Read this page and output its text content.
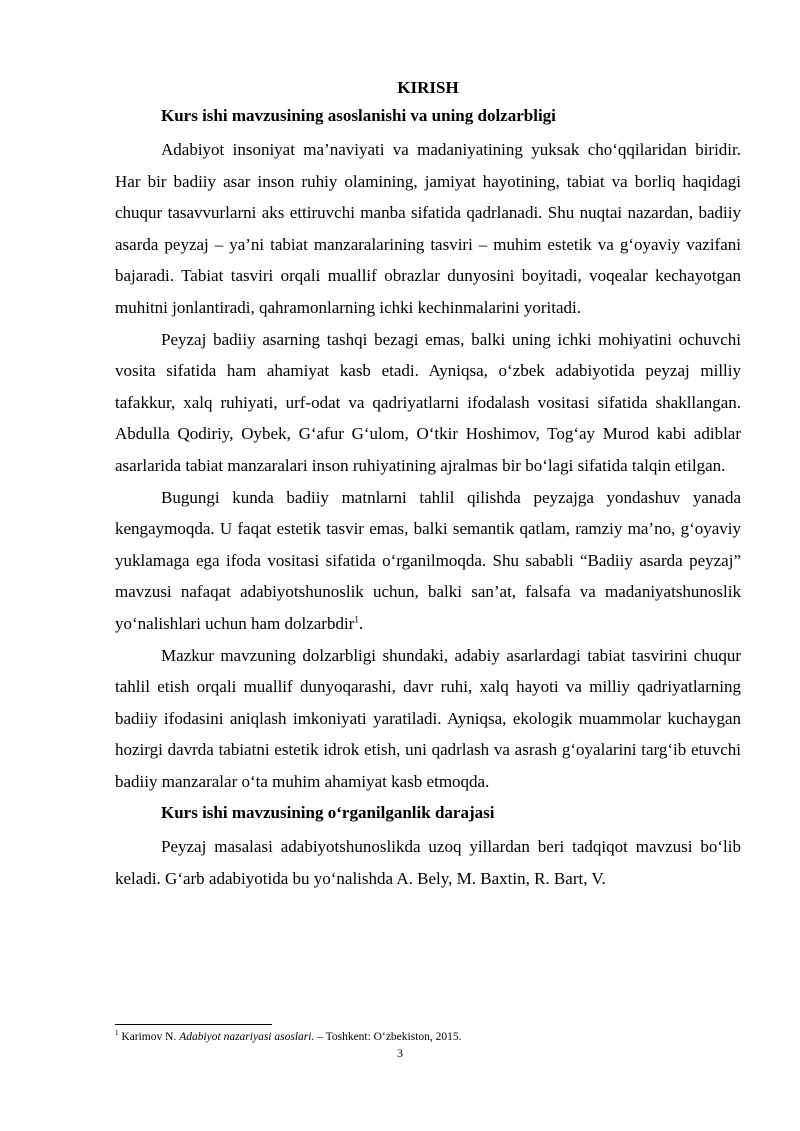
KIRISH
Kurs ishi mavzusining asoslanishi va uning dolzarbligi

Adabiyot insoniyat ma’naviyati va madaniyatining yuksak cho‘qqilaridan biridir. Har bir badiiy asar inson ruhiy olamining, jamiyat hayotining, tabiat va borliq haqidagi chuqur tasavvurlarni aks ettiruvchi manba sifatida qadrlanadi. Shu nuqtai nazardan, badiiy asarda peyzaj – ya’ni tabiat manzaralarining tasviri – muhim estetik va g‘oyaviy vazifani bajaradi. Tabiat tasviri orqali muallif obrazlar dunyosini boyitadi, voqealar kechayotgan muhitni jonlantiradi, qahramonlarning ichki kechinmalarini yoritadi.

Peyzaj badiiy asarning tashqi bezagi emas, balki uning ichki mohiyatini ochuvchi vosita sifatida ham ahamiyat kasb etadi. Ayniqsa, o‘zbek adabiyotida peyzaj milliy tafakkur, xalq ruhiyati, urf-odat va qadriyatlarni ifodalash vositasi sifatida shakllangan. Abdulla Qodiriy, Oybek, G‘afur G‘ulom, O‘tkir Hoshimov, Tog‘ay Murod kabi adiblar asarlarida tabiat manzaralari inson ruhiyatining ajralmas bir bo‘lagi sifatida talqin etilgan.

Bugungi kunda badiiy matnlarni tahlil qilishda peyzajga yondashuv yanada kengaymoqda. U faqat estetik tasvir emas, balki semantik qatlam, ramziy ma’no, g‘oyaviy yuklamaga ega ifoda vositasi sifatida o‘rganilmoqda. Shu sababli “Badiiy asarda peyzaj” mavzusi nafaqat adabiyotshunoslik uchun, balki san’at, falsafa va madaniyatshunoslik yo‘nalishlari uchun ham dolzarbdir$^1$.

Mazkur mavzuning dolzarbligi shundaki, adabiy asarlardagi tabiat tasvirini chuqur tahlil etish orqali muallif dunyoqarashi, davr ruhi, xalq hayoti va milliy qadriyatlarning badiiy ifodasini aniqlash imkoniyati yaratiladi. Ayniqsa, ekologik muammolar kuchaygan hozirgi davrda tabiatni estetik idrok etish, uni qadrlash va asrash g‘oyalarini targ‘ib etuvchi badiiy manzaralar o‘ta muhim ahamiyat kasb etmoqda.

Kurs ishi mavzusining o‘rganilganlik darajasi

Peyzaj masalasi adabiyotshunoslikda uzoq yillardan beri tadqiqot mavzusi bo‘lib keladi. G‘arb adabiyotida bu yo‘nalishda A. Bely, M. Baxtin, R. Bart, V.

$^1$ Karimov N. Adabiyot nazariyasi asoslari. – Toshkent: O‘zbekiston, 2015.
3
